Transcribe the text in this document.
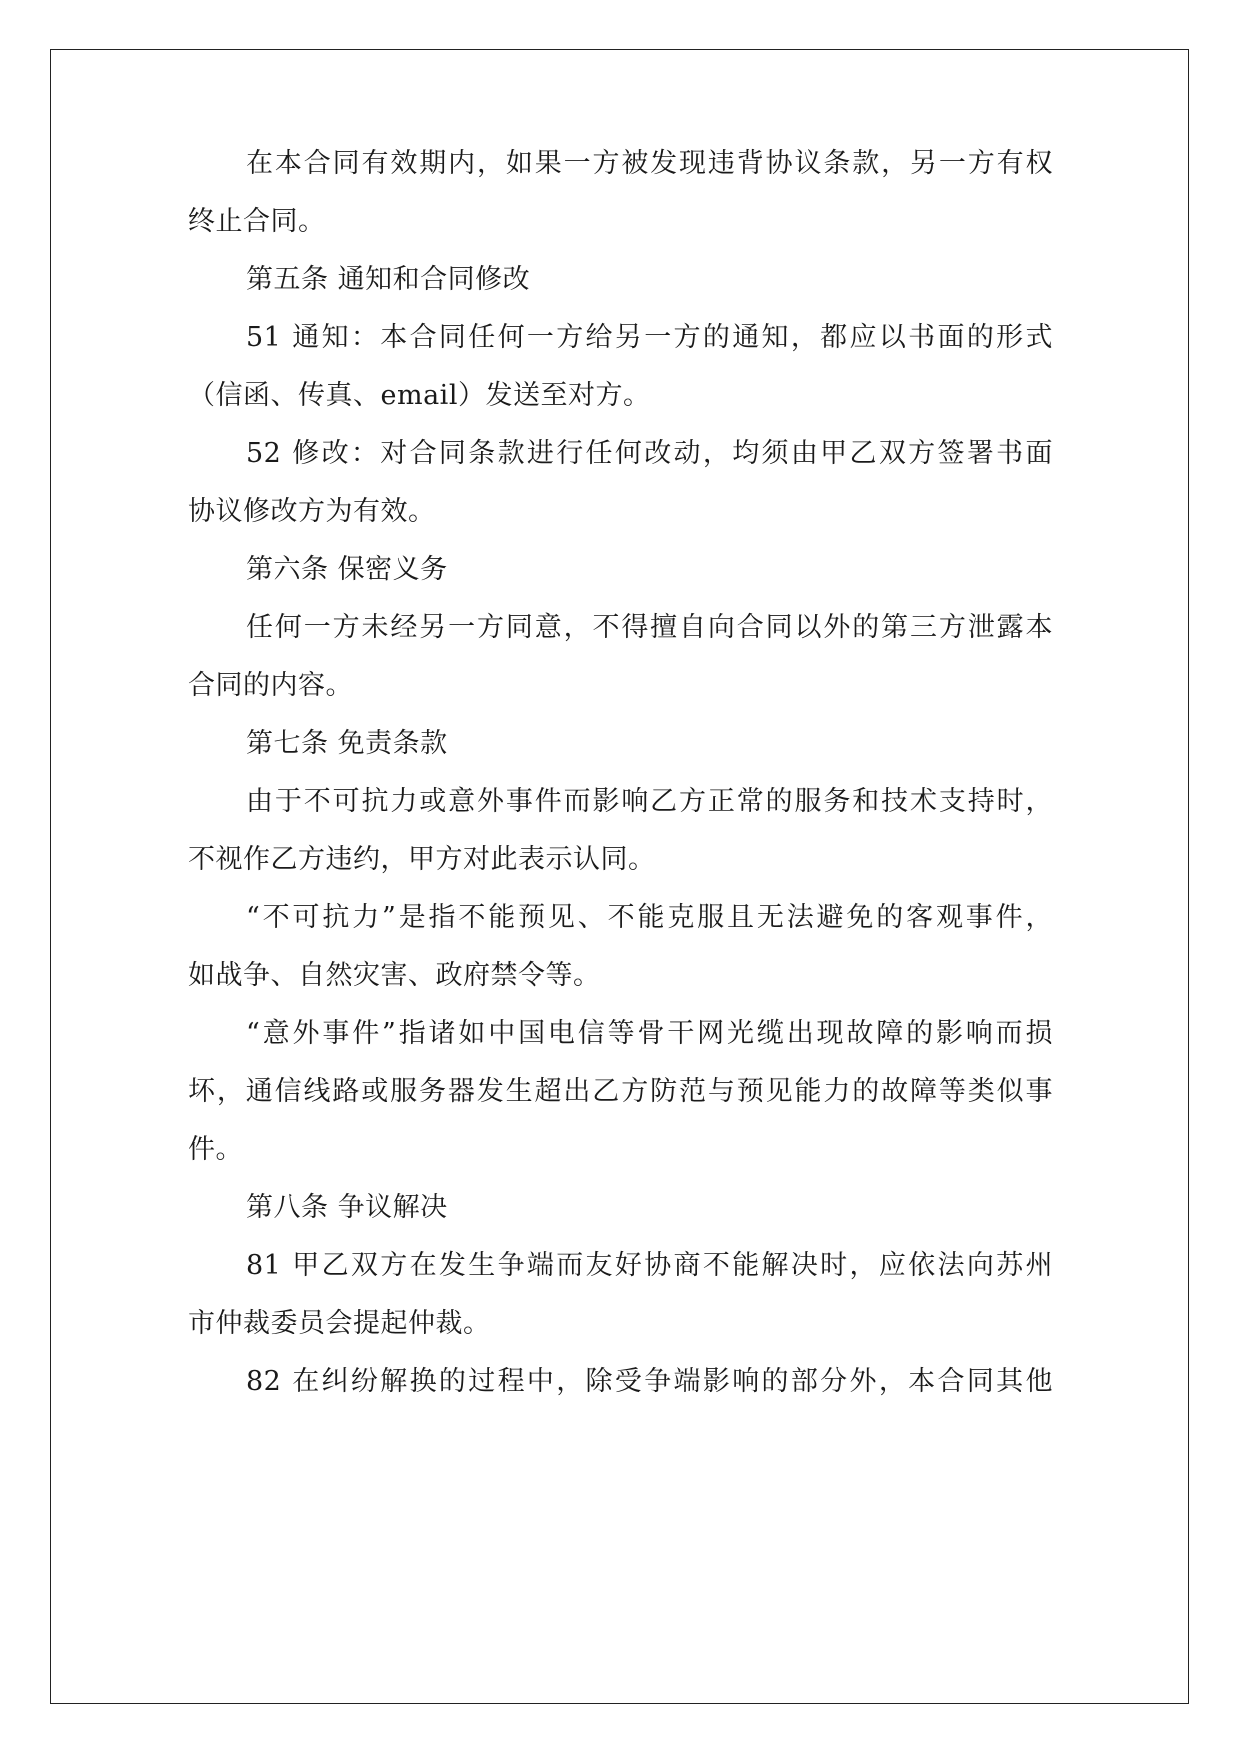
在本合同有效期内，如果一方被发现违背协议条款，另一方有权
终止合同。
第五条 通知和合同修改
51 通知：本合同任何一方给另一方的通知，都应以书面的形式
（信函、传真、email）发送至对方。
52 修改：对合同条款进行任何改动，均须由甲乙双方签署书面
协议修改方为有效。
第六条 保密义务
任何一方未经另一方同意，不得擅自向合同以外的第三方泄露本
合同的内容。
第七条 免责条款
由于不可抗力或意外事件而影响乙方正常的服务和技术支持时，
不视作乙方违约，甲方对此表示认同。
“不可抗力”是指不能预见、不能克服且无法避免的客观事件，
如战争、自然灾害、政府禁令等。
“意外事件”指诸如中国电信等骨干网光缆出现故障的影响而损
坏，通信线路或服务器发生超出乙方防范与预见能力的故障等类似事
件。
第八条 争议解决
81 甲乙双方在发生争端而友好协商不能解决时，应依法向苏州
市仲裁委员会提起仲裁。
82 在纠纷解换的过程中，除受争端影响的部分外，本合同其他
